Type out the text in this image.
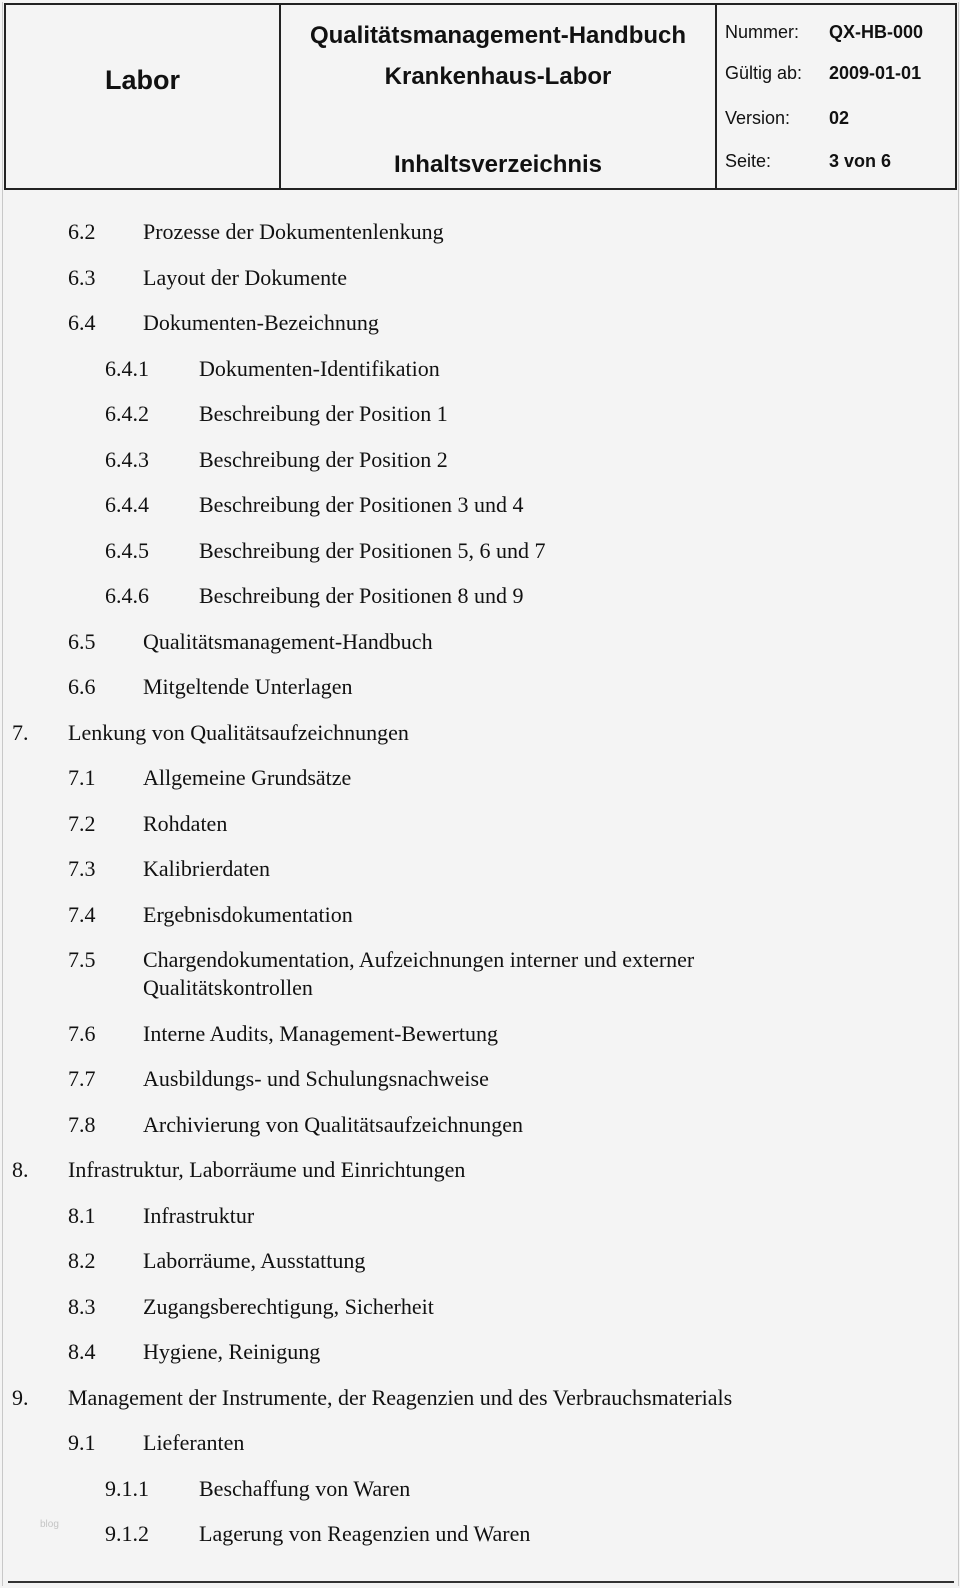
Labor
Qualitätsmanagement-Handbuch
Krankenhaus-Labor
Inhaltsverzeichnis
Nummer: QX-HB-000
Gültig ab: 2009-01-01
Version: 02
Seite:	3 von 6
6.2 Prozesse der Dokumentenlenkung
6.3 Layout der Dokumente
6.4 Dokumenten-Bezeichnung
6.4.1 Dokumenten-Identifikation
6.4.2 Beschreibung der Position 1
6.4.3 Beschreibung der Position 2
6.4.4 Beschreibung der Positionen 3 und 4
6.4.5 Beschreibung der Positionen 5, 6 und 7
6.4.6 Beschreibung der Positionen 8 und 9
6.5 Qualitätsmanagement-Handbuch
6.6 Mitgeltende Unterlagen
7. Lenkung von Qualitätsaufzeichnungen
7.1 Allgemeine Grundsätze
7.2 Rohdaten
7.3 Kalibrierdaten
7.4 Ergebnisdokumentation
7.5 Chargendokumentation, Aufzeichnungen interner und externer
Qualitätskontrollen
7.6 Interne Audits, Management-Bewertung
7.7 Ausbildungs- und Schulungsnachweise
7.8 Archivierung von Qualitätsaufzeichnungen
8. Infrastruktur, Laborräume und Einrichtungen
8.1 Infrastruktur
8.2 Laborräume, Ausstattung
8.3 Zugangsberechtigung, Sicherheit
8.4 Hygiene, Reinigung
9. Management der Instrumente, der Reagenzien und des Verbrauchsmaterials
9.1 Lieferanten
9.1.1 Beschaffung von Waren
9.1.2 Lagerung von Reagenzien und Waren
blog
